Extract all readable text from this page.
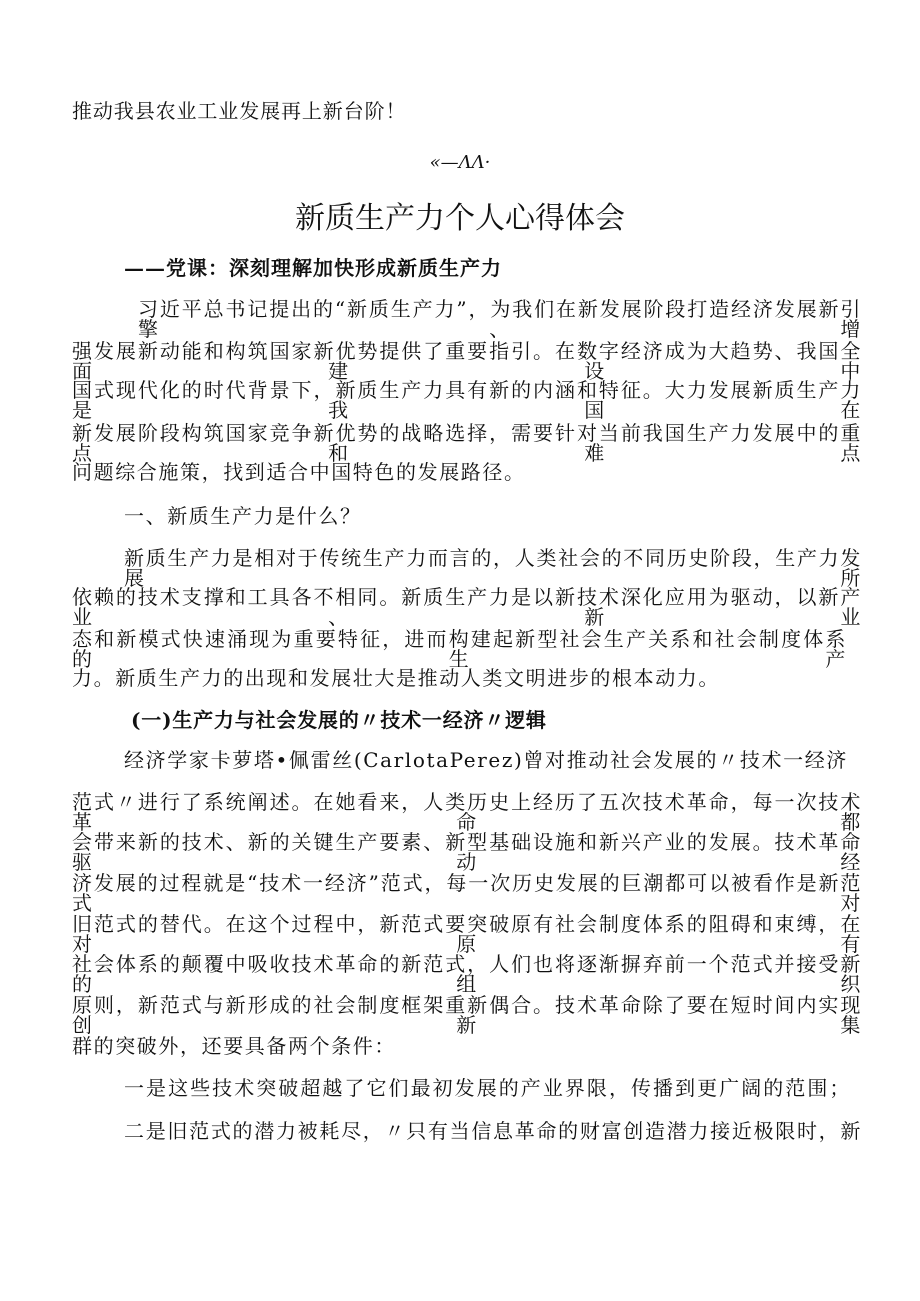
推动我县农业工业发展再上新台阶！
«—ΛΛ·
新质生产力个人心得体会
——党课：深刻理解加快形成新质生产力
习近平总书记提出的“新质生产力”，为我们在新发展阶段打造经济发展新引擎、增
强发展新动能和构筑国家新优势提供了重要指引。在数字经济成为大趋势、我国全面建设中
国式现代化的时代背景下，新质生产力具有新的内涵和特征。大力发展新质生产力是我国在
新发展阶段构筑国家竞争新优势的战略选择，需要针对当前我国生产力发展中的重点和难点
问题综合施策，找到适合中国特色的发展路径。
一、新质生产力是什么？
新质生产力是相对于传统生产力而言的，人类社会的不同历史阶段，生产力发展所
依赖的技术支撑和工具各不相同。新质生产力是以新技术深化应用为驱动，以新产业、新业
态和新模式快速涌现为重要特征，进而构建起新型社会生产关系和社会制度体系的生产
力。新质生产力的出现和发展壮大是推动人类文明进步的根本动力。
(一)生产力与社会发展的〃技术一经济〃逻辑
经济学家卡萝塔•佩雷丝(CarlotaPerez)曾对推动社会发展的〃技术一经济
范式〃进行了系统阐述。在她看来，人类历史上经历了五次技术革命，每一次技术革命都
会带来新的技术、新的关键生产要素、新型基础设施和新兴产业的发展。技术革命驱动经
济发展的过程就是“技术一经济”范式，每一次历史发展的巨潮都可以被看作是新范式对
旧范式的替代。在这个过程中，新范式要突破原有社会制度体系的阻碍和束缚，在对原有
社会体系的颠覆中吸收技术革命的新范式，人们也将逐渐摒弃前一个范式并接受新的组织
原则，新范式与新形成的社会制度框架重新偶合。技术革命除了要在短时间内实现创新集
群的突破外，还要具备两个条件：
一是这些技术突破超越了它们最初发展的产业界限，传播到更广阔的范围；
二是旧范式的潜力被耗尽，〃只有当信息革命的财富创造潜力接近极限时，新
